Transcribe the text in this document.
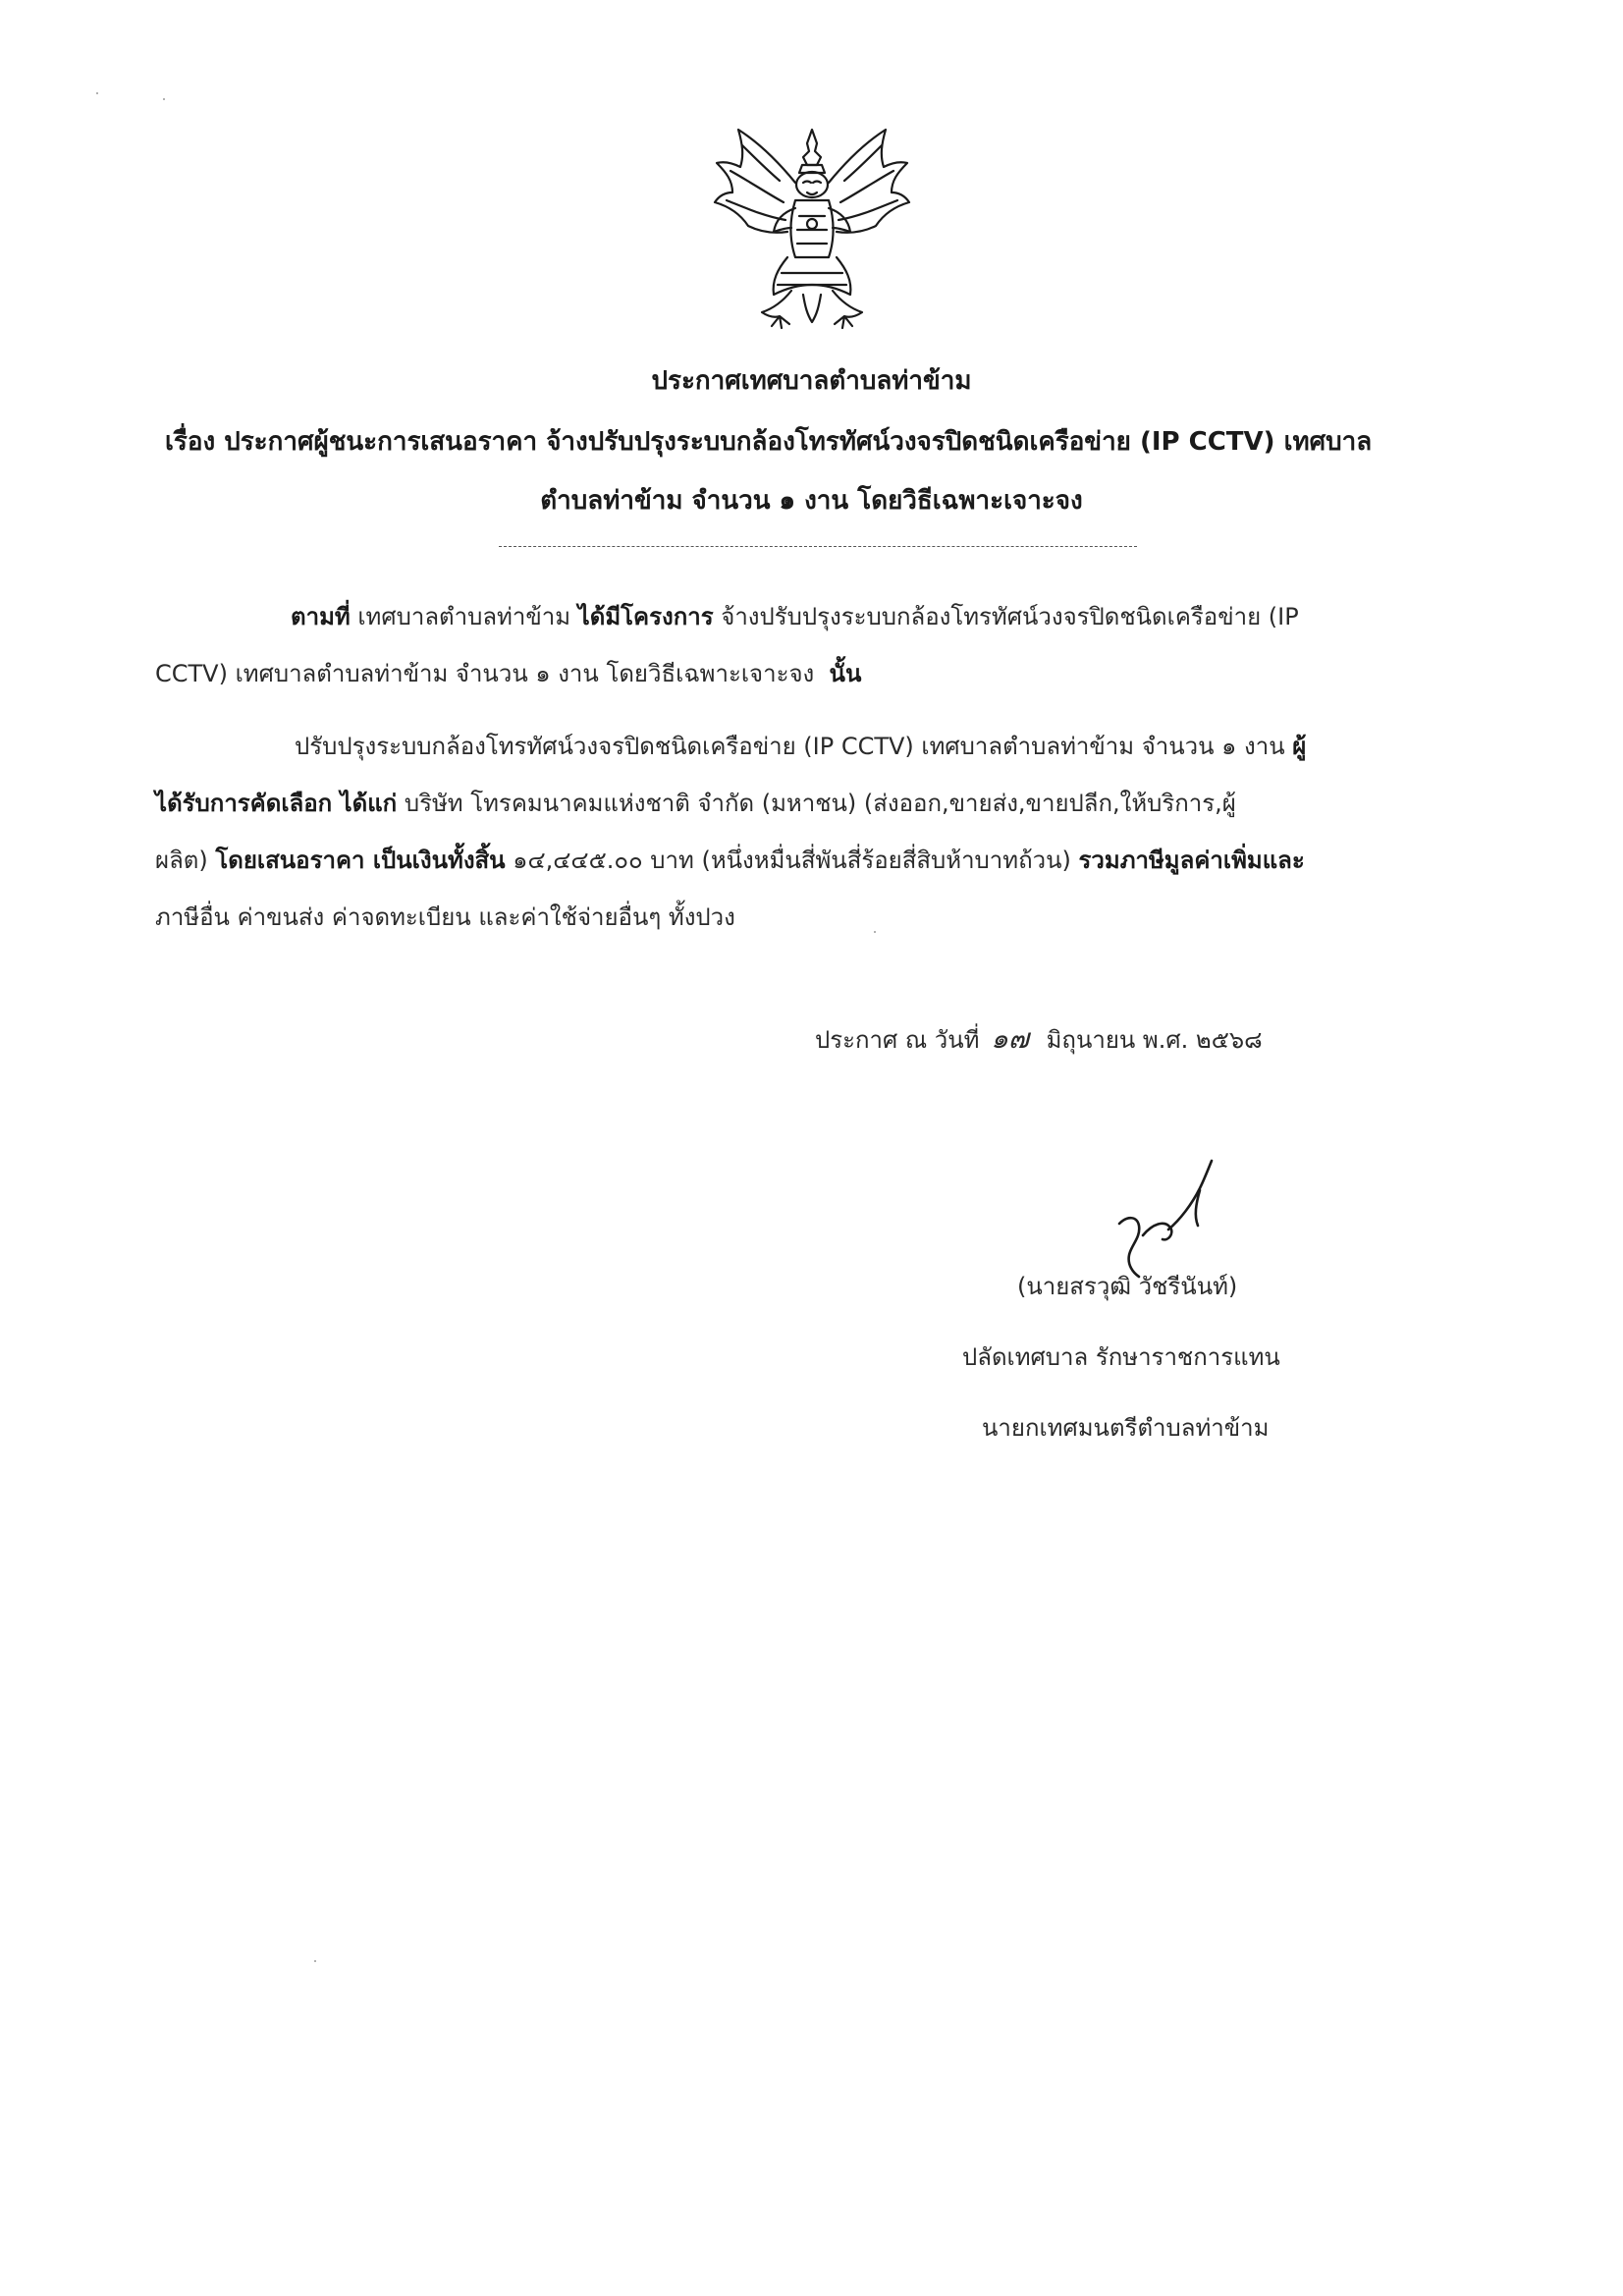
ประกาศเทศบาลตำบลท่าข้าม
เรื่อง ประกาศผู้ชนะการเสนอราคา จ้างปรับปรุงระบบกล้องโทรทัศน์วงจรปิดชนิดเครือข่าย (IP CCTV) เทศบาล
ตำบลท่าข้าม จำนวน ๑ งาน โดยวิธีเฉพาะเจาะจง
ตามที่ เทศบาลตำบลท่าข้าม ได้มีโครงการ จ้างปรับปรุงระบบกล้องโทรทัศน์วงจรปิดชนิดเครือข่าย (IP
CCTV) เทศบาลตำบลท่าข้าม จำนวน ๑ งาน โดยวิธีเฉพาะเจาะจง นั้น
ปรับปรุงระบบกล้องโทรทัศน์วงจรปิดชนิดเครือข่าย (IP CCTV) เทศบาลตำบลท่าข้าม จำนวน ๑ งาน ผู้
ได้รับการคัดเลือก ได้แก่ บริษัท โทรคมนาคมแห่งชาติ จำกัด (มหาชน) (ส่งออก,ขายส่ง,ขายปลีก,ให้บริการ,ผู้
ผลิต) โดยเสนอราคา เป็นเงินทั้งสิ้น ๑๔,๔๔๕.๐๐ บาท (หนึ่งหมื่นสี่พันสี่ร้อยสี่สิบห้าบาทถ้วน) รวมภาษีมูลค่าเพิ่มและ
ภาษีอื่น ค่าขนส่ง ค่าจดทะเบียน และค่าใช้จ่ายอื่นๆ ทั้งปวง
ประกาศ ณ วันที่ ๑๗ มิถุนายน พ.ศ. ๒๕๖๘
(นายสรวุฒิ วัชรีนันท์)
ปลัดเทศบาล รักษาราชการแทน
นายกเทศมนตรีตำบลท่าข้าม
